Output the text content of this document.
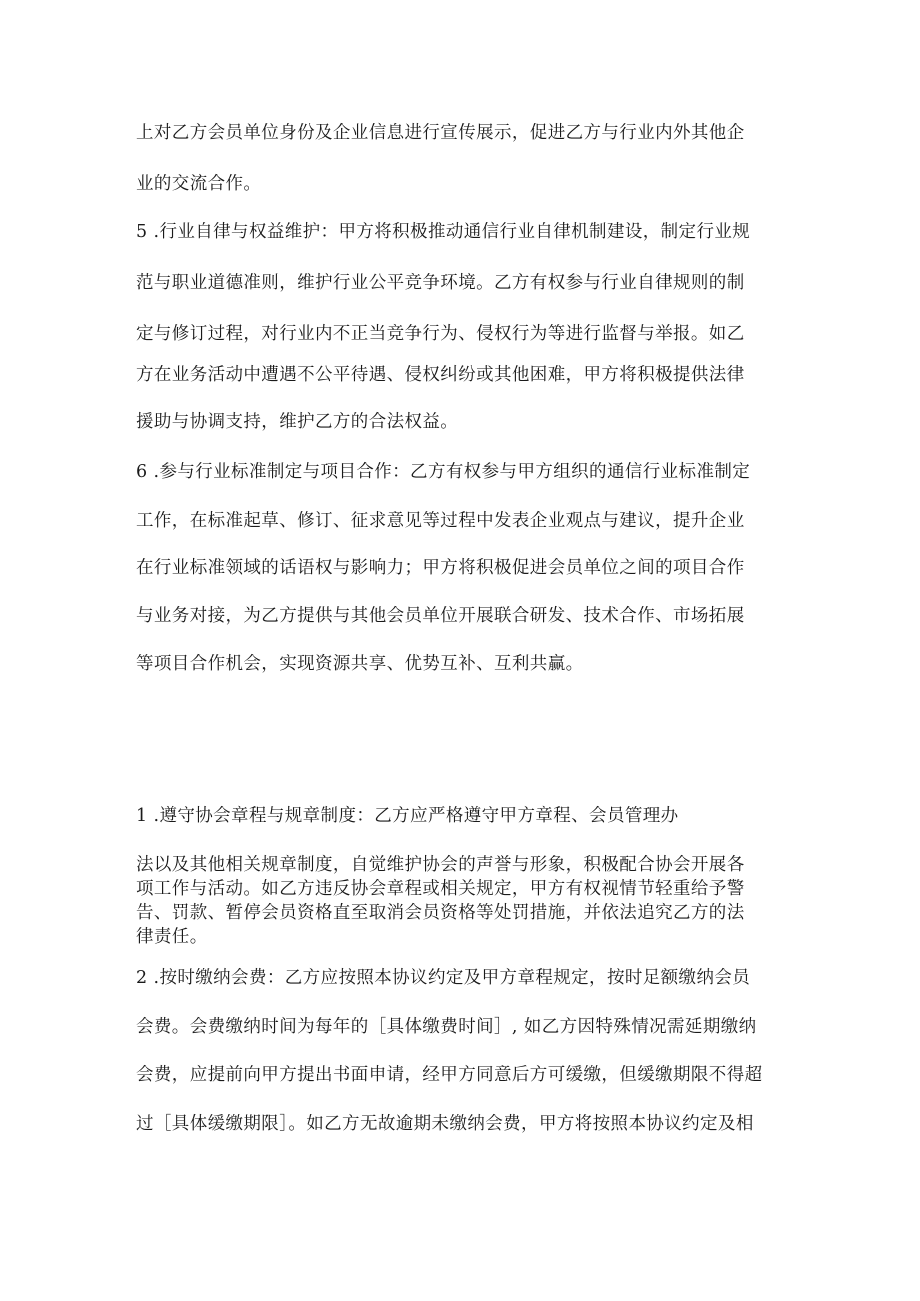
上对乙方会员单位身份及企业信息进行宣传展示，促进乙方与行业内外其他企
业的交流合作。
5 .行业自律与权益维护：甲方将积极推动通信行业自律机制建设，制定行业规
范与职业道德准则，维护行业公平竞争环境。乙方有权参与行业自律规则的制
定与修订过程，对行业内不正当竞争行为、侵权行为等进行监督与举报。如乙
方在业务活动中遭遇不公平待遇、侵权纠纷或其他困难，甲方将积极提供法律
援助与协调支持，维护乙方的合法权益。
6 .参与行业标准制定与项目合作：乙方有权参与甲方组织的通信行业标准制定
工作，在标准起草、修订、征求意见等过程中发表企业观点与建议，提升企业
在行业标准领域的话语权与影响力；甲方将积极促进会员单位之间的项目合作
与业务对接，为乙方提供与其他会员单位开展联合研发、技术合作、市场拓展
等项目合作机会，实现资源共享、优势互补、互利共赢。
1 .遵守协会章程与规章制度：乙方应严格遵守甲方章程、会员管理办
法以及其他相关规章制度，自觉维护协会的声誉与形象，积极配合协会开展各
项工作与活动。如乙方违反协会章程或相关规定，甲方有权视情节轻重给予警
告、罚款、暂停会员资格直至取消会员资格等处罚措施，并依法追究乙方的法
律责任。
2 .按时缴纳会费：乙方应按照本协议约定及甲方章程规定，按时足额缴纳会员
会费。会费缴纳时间为每年的［具体缴费时间］, 如乙方因特殊情况需延期缴纳
会费，应提前向甲方提出书面申请，经甲方同意后方可缓缴，但缓缴期限不得超
过［具体缓缴期限］。如乙方无故逾期未缴纳会费，甲方将按照本协议约定及相
